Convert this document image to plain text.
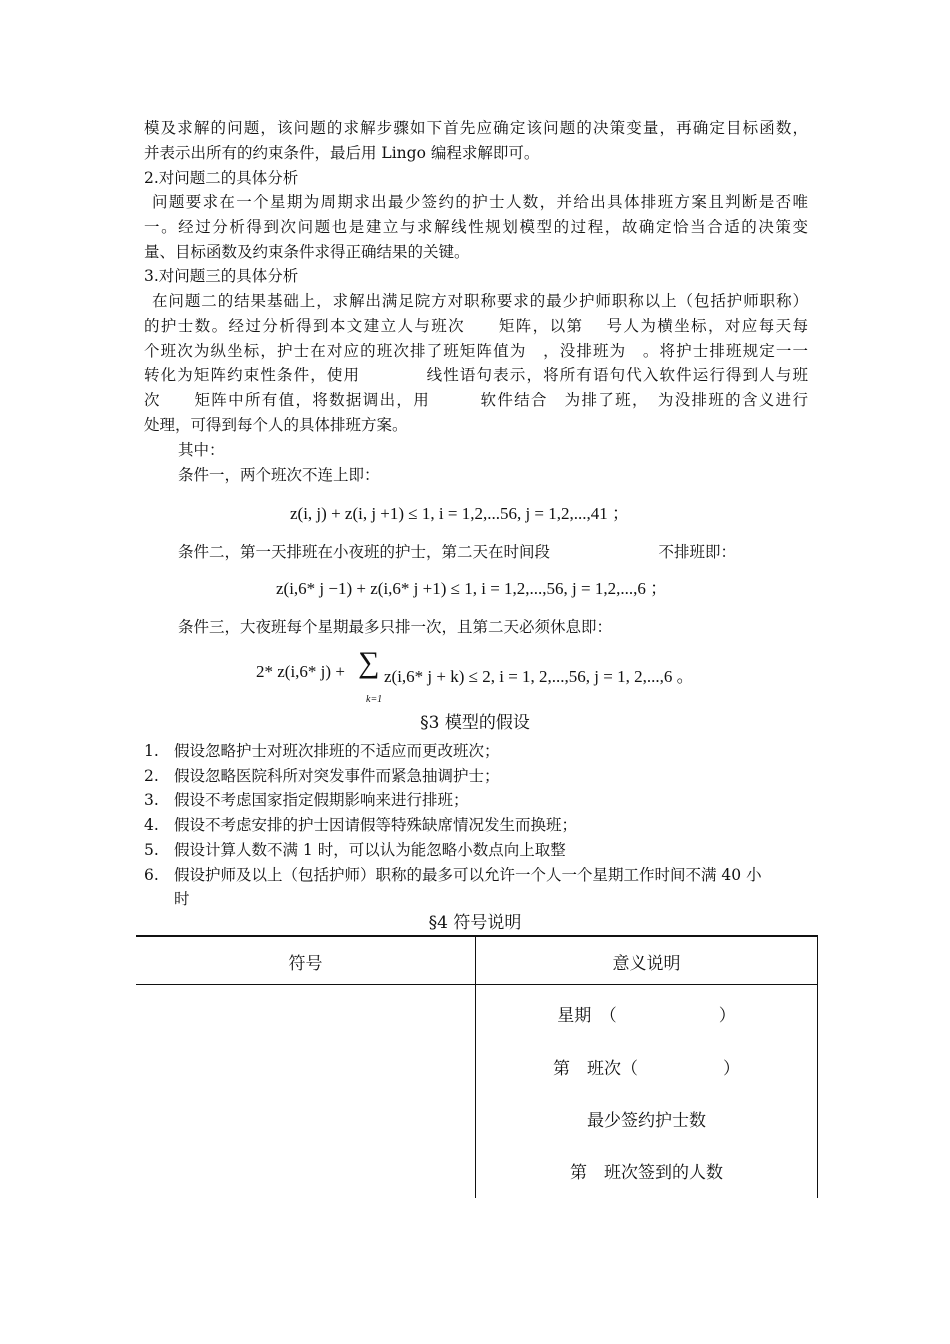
模及求解的问题，该问题的求解步骤如下首先应确定该问题的决策变量，再确定目标函数，
并表示出所有的约束条件，最后用 Lingo 编程求解即可。
2.对问题二的具体分析
问题要求在一个星期为周期求出最少签约的护士人数，并给出具体排班方案且判断是否唯
一。经过分析得到次问题也是建立与求解线性规划模型的过程，故确定恰当合适的决策变
量、目标函数及约束条件求得正确结果的关键。
3.对问题三的具体分析
在问题二的结果基础上，求解出满足院方对职称要求的最少护师职称以上（包括护师职称）
的护士数。经过分析得到本文建立人与班次　　矩阵，以第　 号人为横坐标，对应每天每
个班次为纵坐标，护士在对应的班次排了班矩阵值为　，没排班为　。将护士排班规定一一
转化为矩阵约束性条件，使用　　　　线性语句表示，将所有语句代入软件运行得到人与班
次　　矩阵中所有值，将数据调出，用　　　软件结合　为排了班，　为没排班的含义进行
处理，可得到每个人的具体排班方案。
其中：
条件一，两个班次不连上即：
z(i, j) + z(i, j +1) ≤ 1, i = 1,2,...56, j = 1,2,...,41 ；
条件二，第一天排班在小夜班的护士，第二天在时间段　　　　　　　不排班即：
z(i,6* j −1) + z(i,6* j +1) ≤ 1, i = 1,2,...,56, j = 1,2,...,6 ；
条件三，大夜班每个星期最多只排一次，且第二天必须休息即：
2* z(i,6* j) + ∑
k=1
z(i,6* j + k) ≤ 2, i = 1, 2,...,56, j = 1, 2,...,6 。
§3 模型的假设
1. 假设忽略护士对班次排班的不适应而更改班次；
2. 假设忽略医院科所对突发事件而紧急抽调护士；
3. 假设不考虑国家指定假期影响来进行排班；
4. 假设不考虑安排的护士因请假等特殊缺席情况发生而换班；
5. 假设计算人数不满 1 时，可以认为能忽略小数点向上取整
6. 假设护师及以上（包括护师）职称的最多可以允许一个人一个星期工作时间不满 40 小
时
§4 符号说明
符号	意义说明
星期　（　　　　　　）
第　班次（　　　　　）
最少签约护士数
第　班次签到的人数
